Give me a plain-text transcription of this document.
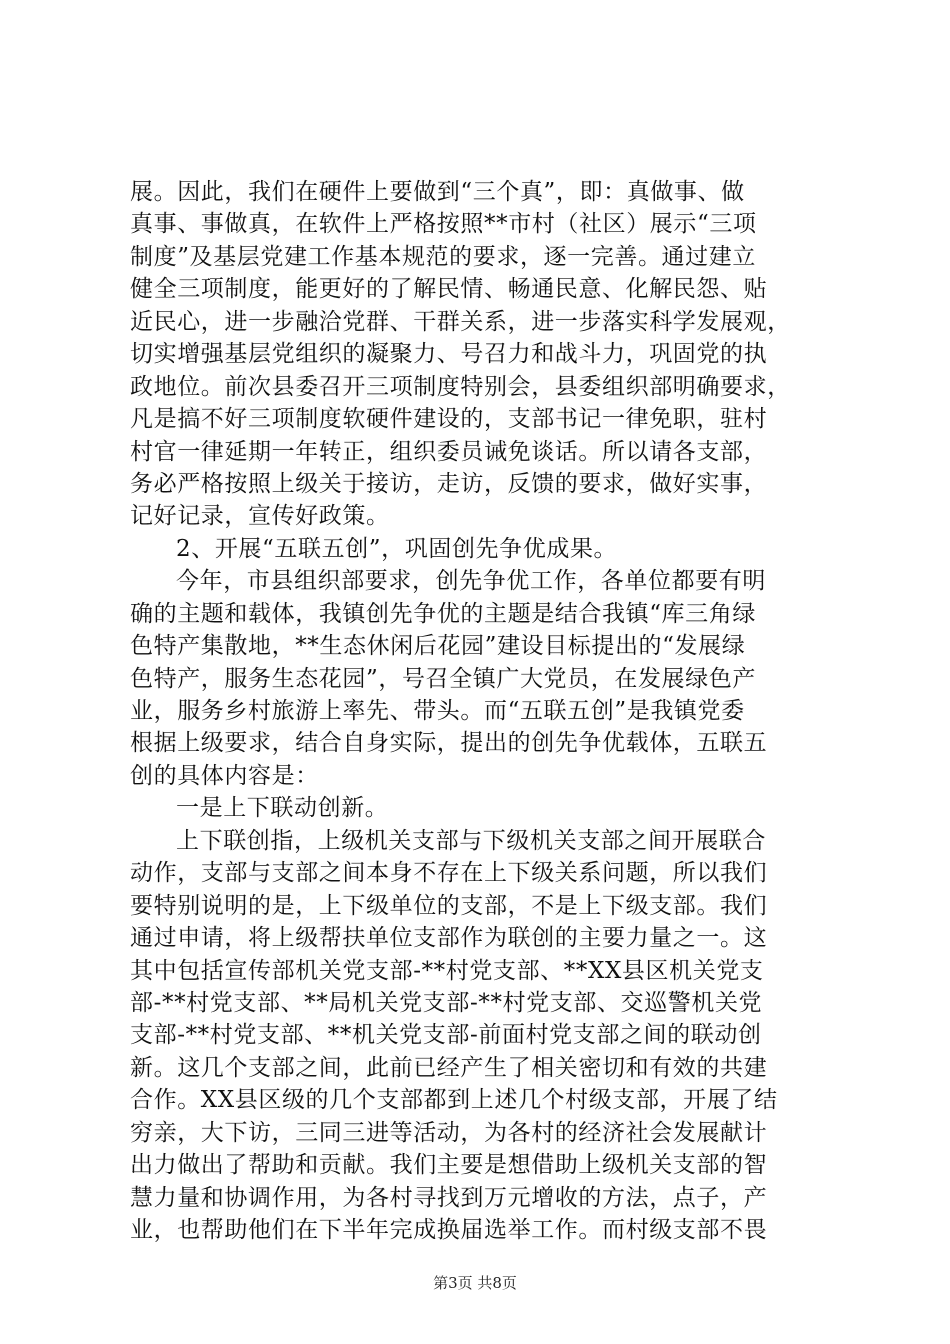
展。因此，我们在硬件上要做到“三个真”，即：真做事、做
真事、事做真，在软件上严格按照**市村（社区）展示“三项
制度”及基层党建工作基本规范的要求，逐一完善。通过建立
健全三项制度，能更好的了解民情、畅通民意、化解民怨、贴
近民心，进一步融洽党群、干群关系，进一步落实科学发展观，
切实增强基层党组织的凝聚力、号召力和战斗力，巩固党的执
政地位。前次县委召开三项制度特别会，县委组织部明确要求，
凡是搞不好三项制度软硬件建设的，支部书记一律免职，驻村
村官一律延期一年转正，组织委员诫免谈话。所以请各支部，
务必严格按照上级关于接访，走访，反馈的要求，做好实事，
记好记录，宣传好政策。
2、开展“五联五创”，巩固创先争优成果。
今年，市县组织部要求，创先争优工作，各单位都要有明
确的主题和载体，我镇创先争优的主题是结合我镇“库三角绿
色特产集散地，**生态休闲后花园”建设目标提出的“发展绿
色特产，服务生态花园”，号召全镇广大党员，在发展绿色产
业，服务乡村旅游上率先、带头。而“五联五创”是我镇党委
根据上级要求，结合自身实际，提出的创先争优载体，五联五
创的具体内容是：
一是上下联动创新。
上下联创指，上级机关支部与下级机关支部之间开展联合
动作，支部与支部之间本身不存在上下级关系问题，所以我们
要特别说明的是，上下级单位的支部，不是上下级支部。我们
通过申请，将上级帮扶单位支部作为联创的主要力量之一。这
其中包括宣传部机关党支部-**村党支部、**XX县区机关党支
部-**村党支部、**局机关党支部-**村党支部、交巡警机关党
支部-**村党支部、**机关党支部-前面村党支部之间的联动创
新。这几个支部之间，此前已经产生了相关密切和有效的共建
合作。XX县区级的几个支部都到上述几个村级支部，开展了结
穷亲，大下访，三同三进等活动，为各村的经济社会发展献计
出力做出了帮助和贡献。我们主要是想借助上级机关支部的智
慧力量和协调作用，为各村寻找到万元增收的方法，点子，产
业，也帮助他们在下半年完成换届选举工作。而村级支部不畏
第3页 共8页
